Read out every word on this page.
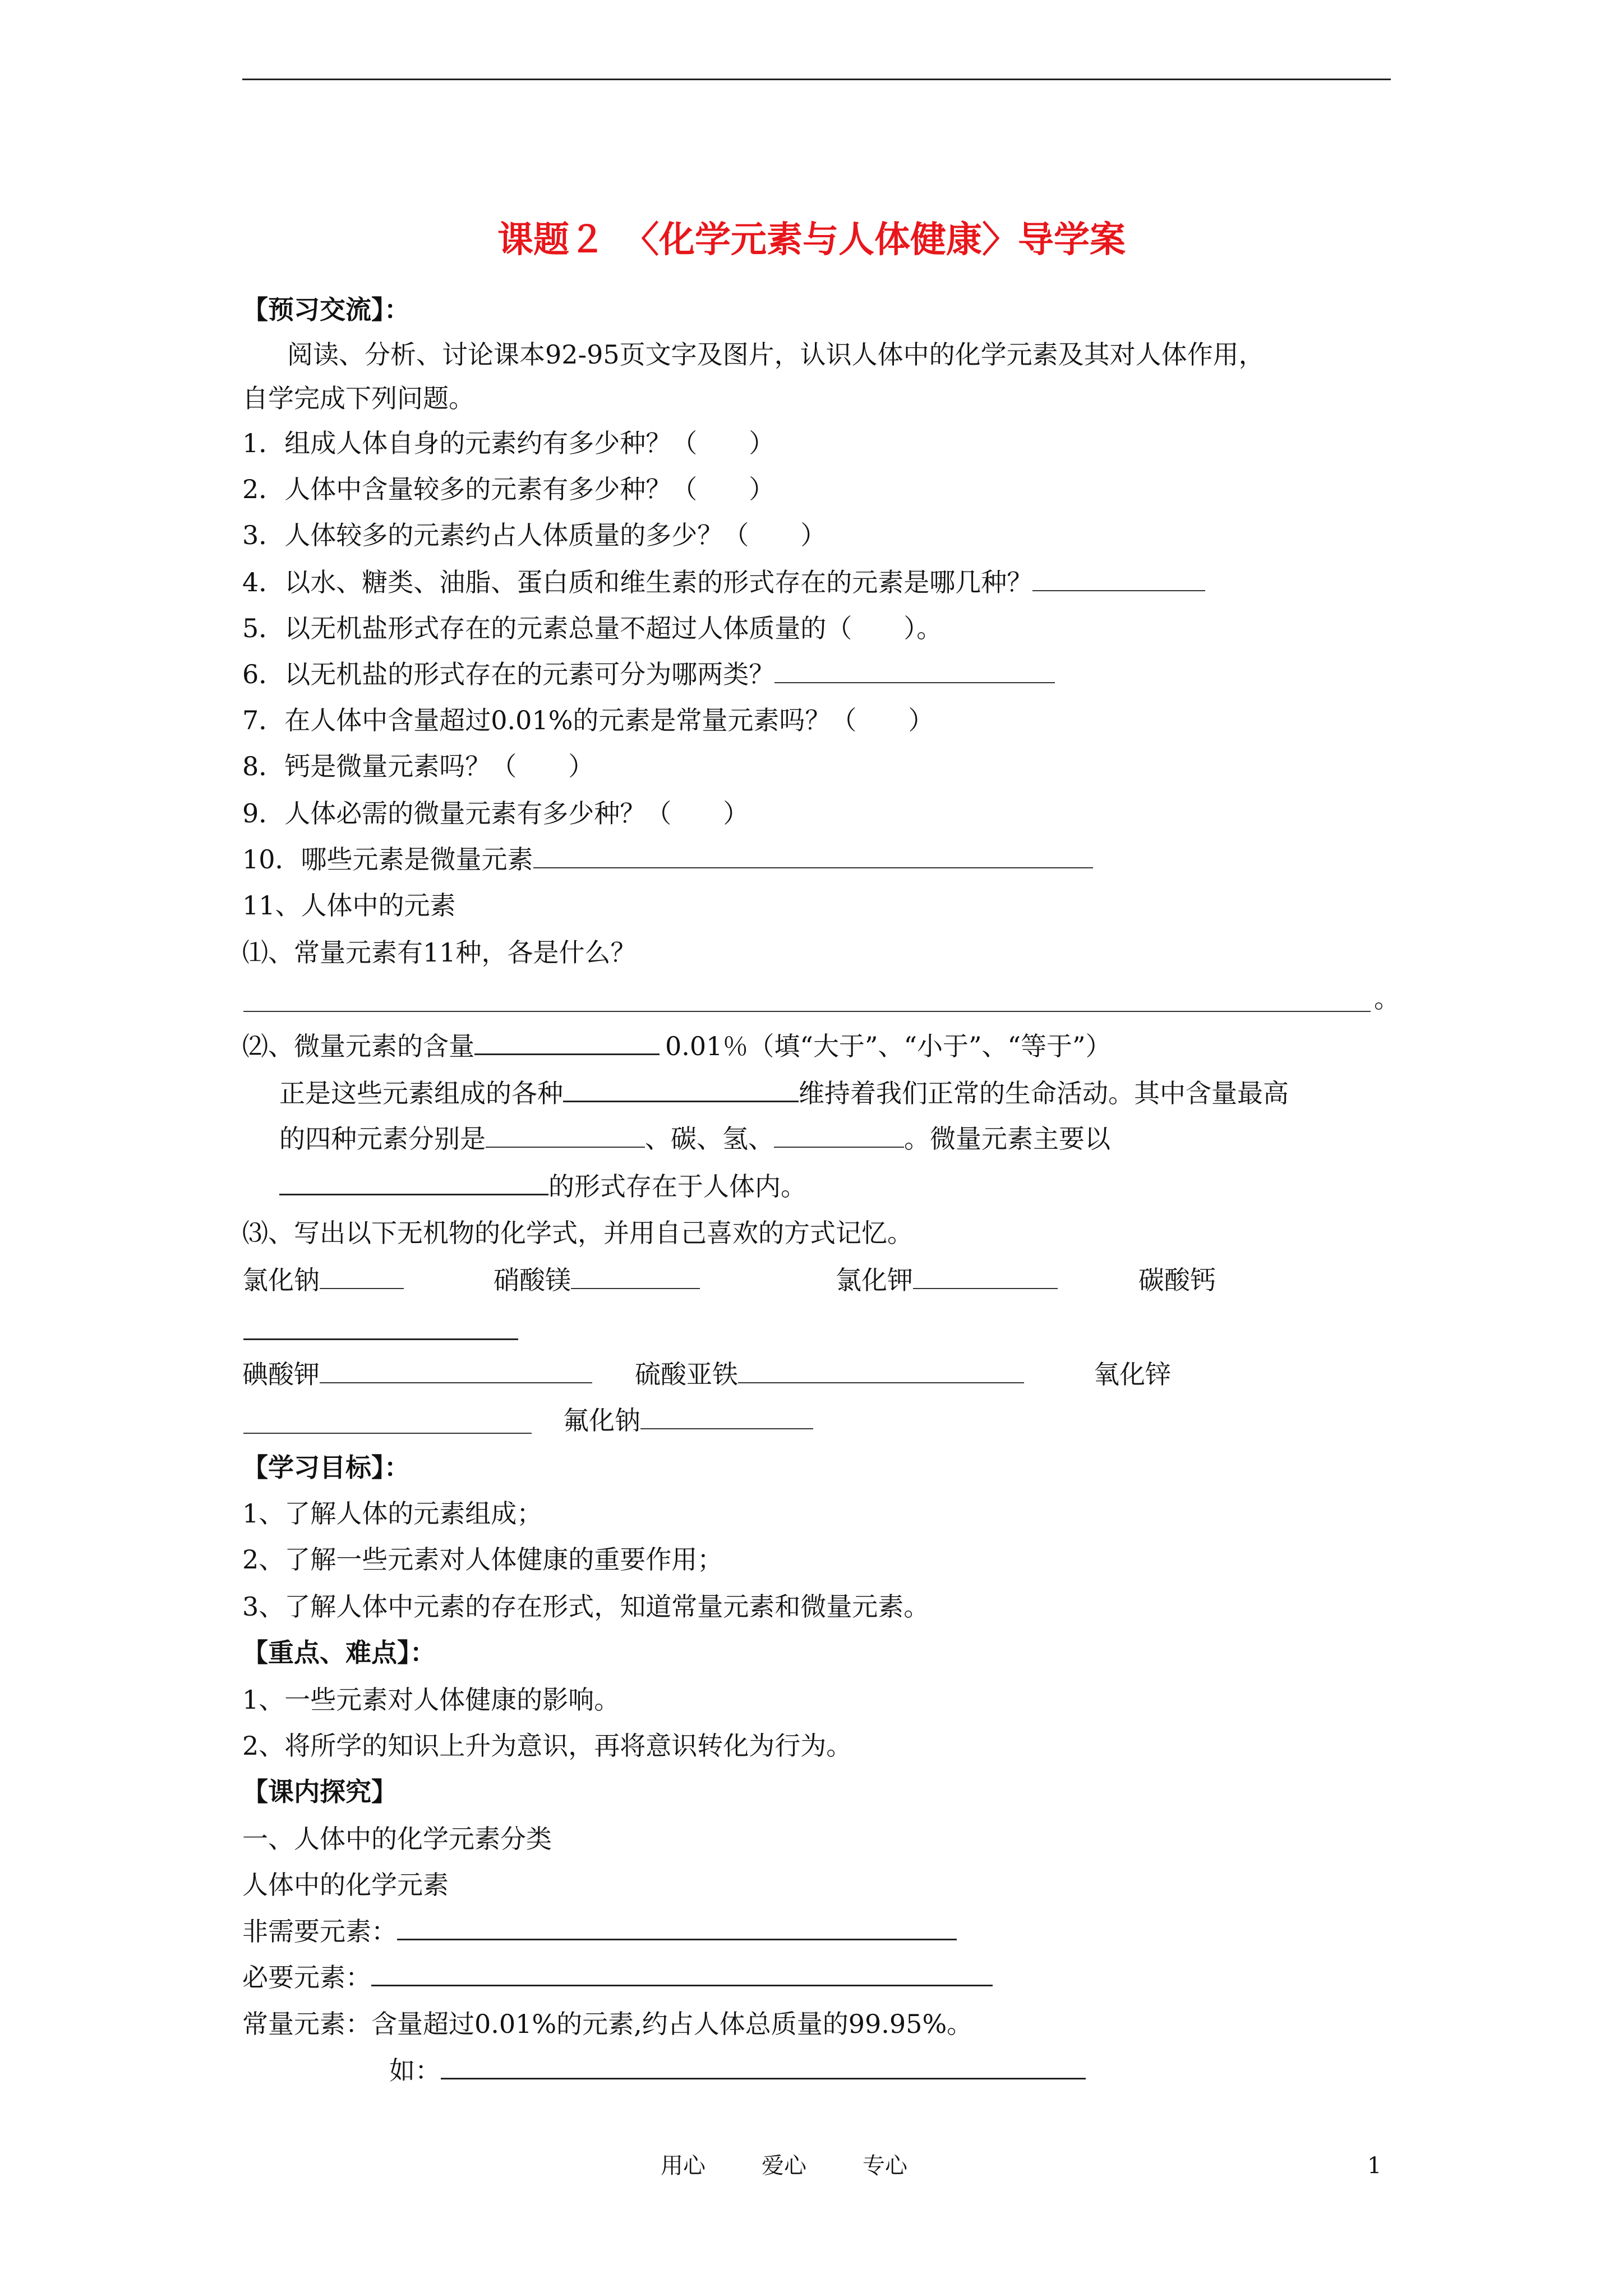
课题２　〈化学元素与人体健康〉导学案
【预习交流】：
阅读、分析、讨论课本92-95页文字及图片，认识人体中的化学元素及其对人体作用，
自学完成下列问题。
1．组成人体自身的元素约有多少种？（　　）
2．人体中含量较多的元素有多少种？（　　）
3．人体较多的元素约占人体质量的多少？（　　）
4．以水、糖类、油脂、蛋白质和维生素的形式存在的元素是哪几种？
5．以无机盐形式存在的元素总量不超过人体质量的（　　）。
6．以无机盐的形式存在的元素可分为哪两类？
7．在人体中含量超过0.01%的元素是常量元素吗？（　　）
8．钙是微量元素吗？（　　）
9．人体必需的微量元素有多少种？（　　）
10．哪些元素是微量元素
11、人体中的元素
⑴、常量元素有11种，各是什么？
。
⑵、微量元素的含量	0.01％（填“大于”、“小于”、“等于”）
正是这些元素组成的各种	维持着我们正常的生命活动。其中含量最高
的四种元素分别是	、碳、氢、	。微量元素主要以
的形式存在于人体内。
⑶、写出以下无机物的化学式，并用自己喜欢的方式记忆。
氯化钠	硝酸镁	氯化钾	碳酸钙
碘酸钾	硫酸亚铁	氧化锌
氟化钠
【学习目标】：
1、了解人体的元素组成；
2、了解一些元素对人体健康的重要作用；
3、了解人体中元素的存在形式，知道常量元素和微量元素。
【重点、难点】：
1、一些元素对人体健康的影响。
2、将所学的知识上升为意识，再将意识转化为行为。
【课内探究】
一、人体中的化学元素分类
人体中的化学元素
非需要元素：
必要元素：
常量元素：含量超过0.01%的元素,约占人体总质量的99.95%。
如：
用心	爱心	专心	1
